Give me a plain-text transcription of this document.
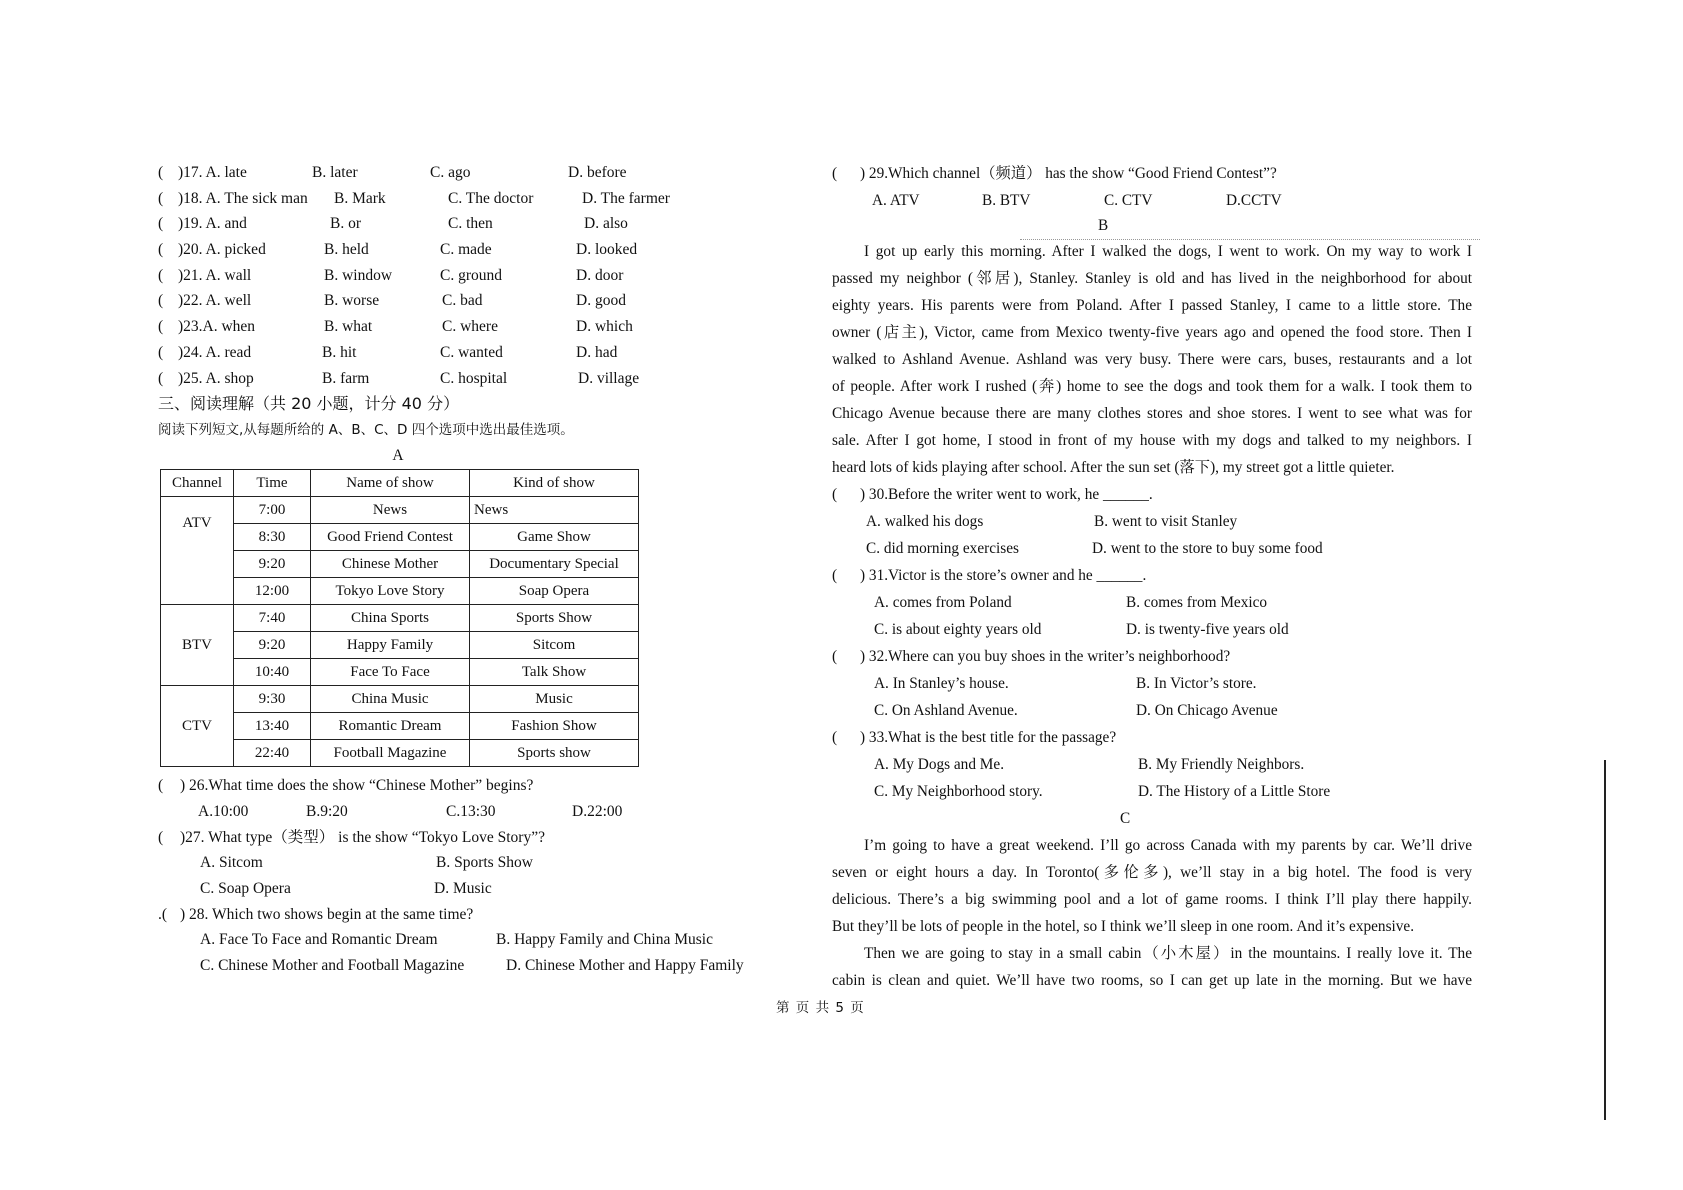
( )17. A. late	B. later	C. ago	D. before
( )18. A. The sick man B. Mark	C. The doctor	D. The farmer
( )19. A. and	B. or	C. then	D. also
( )20. A. picked	B. held	C. made	D. looked
( )21. A. wall	B. window	C. ground	D. door
( )22. A. well	B. worse	C. bad	D. good
( )23.A. when	B. what	C. where	D. which
( )24. A. read	B. hit	C. wanted	D. had
( )25. A. shop	B. farm	C. hospital	D. village
三、阅读理解（共 20 小题，计分 40 分）
阅读下列短文,从每题所给的 A、B、C、D 四个选项中选出最佳选项。
A
Channel	Time	Name of show	Kind of show
ATV	7:00	News	News
	8:30	Good Friend Contest	Game Show
	9:20	Chinese Mother	Documentary Special
	12:00	Tokyo Love Story	Soap Opera
BTV	7:40	China Sports	Sports Show
	9:20	Happy Family	Sitcom
	10:40	Face To Face	Talk Show
CTV	9:30	China Music	Music
	13:40	Romantic Dream	Fashion Show
	22:40	Football Magazine	Sports show
( ) 26.What time does the show “Chinese Mother” begins?
A.10:00	B.9:20	C.13:30	D.22:00
( )27. What type（类型） is the show “Tokyo Love Story”?
A. Sitcom	B. Sports Show
C. Soap Opera	D. Music
.( ) 28. Which two shows begin at the same time?
A. Face To Face and Romantic Dream	B. Happy Family and China Music
C. Chinese Mother and Football Magazine	D. Chinese Mother and Happy Family
( ) 29.Which channel（频道） has the show “Good Friend Contest”?
A. ATV	B. BTV	C. CTV	D.CCTV
B
I got up early this morning. After I walked the dogs, I went to work. On my way to work I
passed my neighbor (邻居), Stanley. Stanley is old and has lived in the neighborhood for about
eighty years. His parents were from Poland. After I passed Stanley, I came to a little store. The
owner (店主), Victor, came from Mexico twenty-five years ago and opened the food store. Then I
walked to Ashland Avenue. Ashland was very busy. There were cars, buses, restaurants and a lot
of people. After work I rushed (奔) home to see the dogs and took them for a walk. I took them to
Chicago Avenue because there are many clothes stores and shoe stores. I went to see what was for
sale. After I got home, I stood in front of my house with my dogs and talked to my neighbors. I
heard lots of kids playing after school. After the sun set (落下), my street got a little quieter.
( ) 30.Before the writer went to work, he ______.
A. walked his dogs	B. went to visit Stanley
C. did morning exercises	D. went to the store to buy some food
( ) 31.Victor is the store’s owner and he ______.
A. comes from Poland	B. comes from Mexico
C. is about eighty years old	D. is twenty-five years old
( ) 32.Where can you buy shoes in the writer’s neighborhood?
A. In Stanley’s house.	B. In Victor’s store.
C. On Ashland Avenue.	D. On Chicago Avenue
( ) 33.What is the best title for the passage?
A. My Dogs and Me.	B. My Friendly Neighbors.
C. My Neighborhood story.	D. The History of a Little Store
C
I’m going to have a great weekend. I’ll go across Canada with my parents by car. We’ll drive
seven or eight hours a day. In Toronto(多伦多), we’ll stay in a big hotel. The food is very
delicious. There’s a big swimming pool and a lot of game rooms. I think I’ll play there happily.
But they’ll be lots of people in the hotel, so I think we’ll sleep in one room. And it’s expensive.
Then we are going to stay in a small cabin（小木屋）in the mountains. I really love it. The
cabin is clean and quiet. We’ll have two rooms, so I can get up late in the morning. But we have
第 页 共 5 页
